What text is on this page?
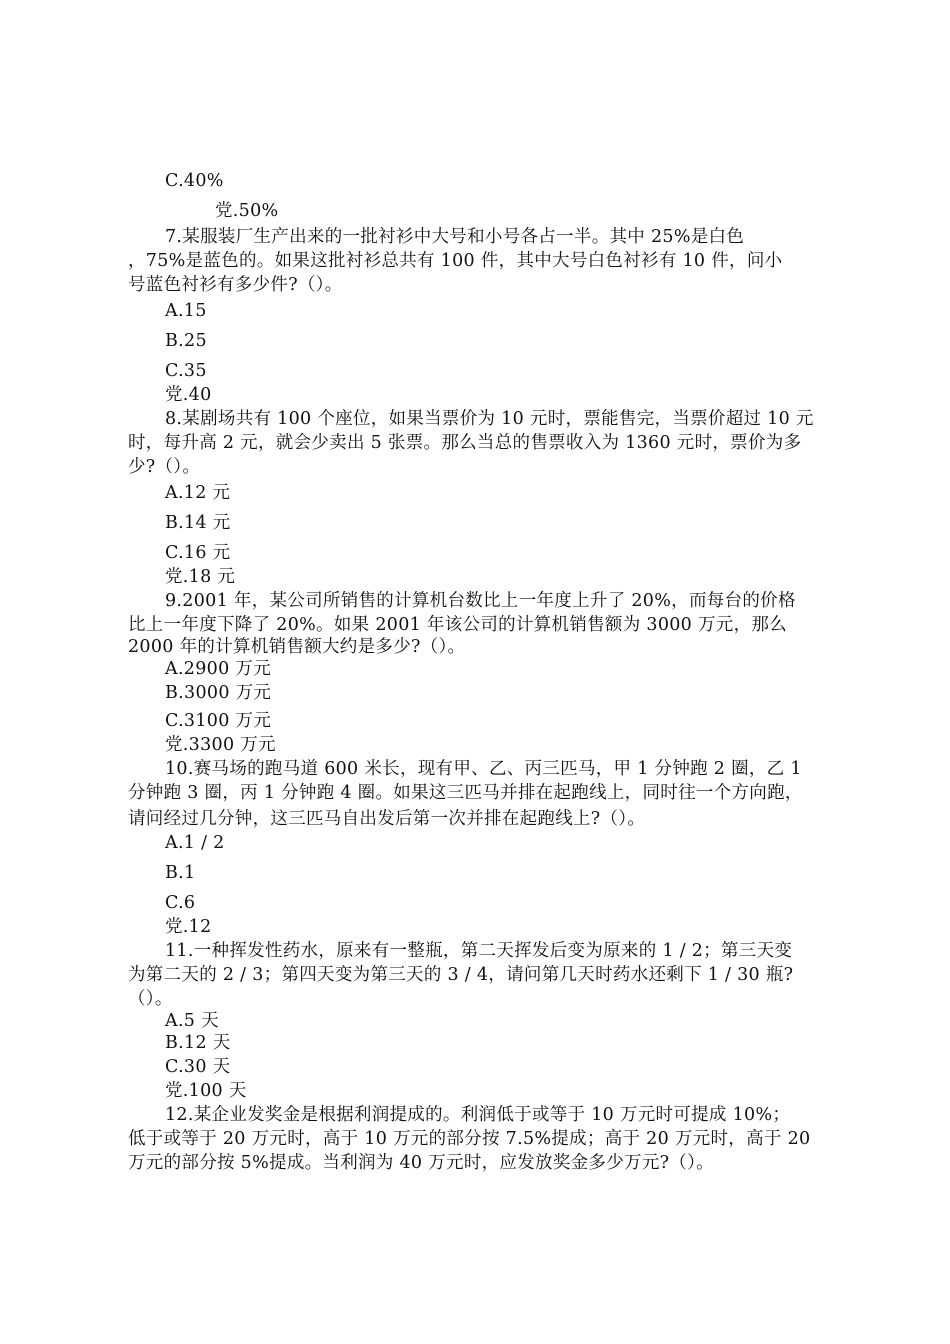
C.40%
党.50%
7.某服装厂生产出来的一批衬衫中大号和小号各占一半。其中 25%是白色
，75%是蓝色的。如果这批衬衫总共有 100 件，其中大号白色衬衫有 10 件，问小
号蓝色衬衫有多少件?（）。
A.15
B.25
C.35
党.40
8.某剧场共有 100 个座位，如果当票价为 10 元时，票能售完，当票价超过 10 元
时，每升高 2 元，就会少卖出 5 张票。那么当总的售票收入为 1360 元时，票价为多
少?（）。
A.12 元
B.14 元
C.16 元
党.18 元
9.2001 年，某公司所销售的计算机台数比上一年度上升了 20%，而每台的价格
比上一年度下降了 20%。如果 2001 年该公司的计算机销售额为 3000 万元，那么
2000 年的计算机销售额大约是多少?（）。
A.2900 万元
B.3000 万元
C.3100 万元
党.3300 万元
10.赛马场的跑马道 600 米长，现有甲、乙、丙三匹马，甲 1 分钟跑 2 圈，乙 1
分钟跑 3 圈，丙 1 分钟跑 4 圈。如果这三匹马并排在起跑线上，同时往一个方向跑，
请问经过几分钟，这三匹马自出发后第一次并排在起跑线上?（）。
A.1 / 2
B.1
C.6
党.12
11.一种挥发性药水，原来有一整瓶，第二天挥发后变为原来的 1 / 2；第三天变
为第二天的 2 / 3；第四天变为第三天的 3 / 4，请问第几天时药水还剩下 1 / 30 瓶?
（）。
A.5 天
B.12 天
C.30 天
党.100 天
12.某企业发奖金是根据利润提成的。利润低于或等于 10 万元时可提成 10%；
低于或等于 20 万元时，高于 10 万元的部分按 7.5%提成；高于 20 万元时，高于 20
万元的部分按 5%提成。当利润为 40 万元时，应发放奖金多少万元?（）。
